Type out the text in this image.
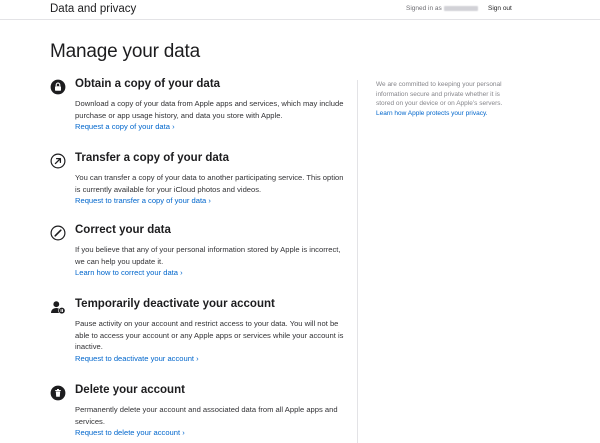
Data and privacy	Signed in as	Sign out
Manage your data
Obtain a copy of your data
Download a copy of your data from Apple apps and services, which may include purchase or app usage history, and data you store with Apple.
Request a copy of your data ›
Transfer a copy of your data
You can transfer a copy of your data to another participating service. This option is currently available for your iCloud photos and videos.
Request to transfer a copy of your data ›
Correct your data
If you believe that any of your personal information stored by Apple is incorrect, we can help you update it.
Learn how to correct your data ›
Temporarily deactivate your account
Pause activity on your account and restrict access to your data. You will not be able to access your account or any Apple apps or services while your account is inactive.
Request to deactivate your account ›
Delete your account
Permanently delete your account and associated data from all Apple apps and services.
Request to delete your account ›
We are committed to keeping your personal information secure and private whether it is stored on your device or on Apple’s servers.
Learn how Apple protects your privacy.
